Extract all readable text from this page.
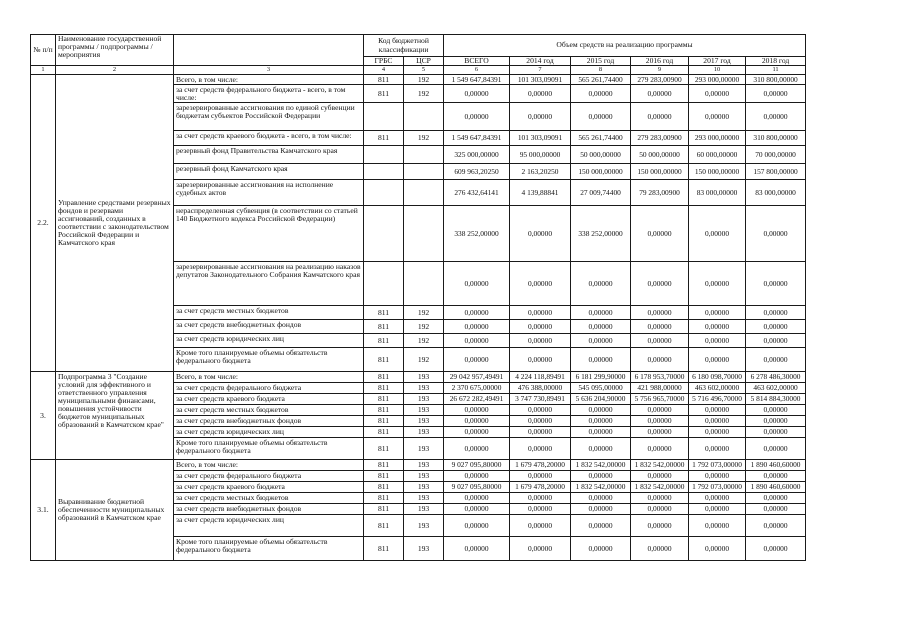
№ п/п	Наименование государственной программы / подпрограммы / мероприятия		Код бюджетной классификации		Объем средств на реализацию программы					
			ГРБС	ЦСР	ВСЕГО	2014 год	2015 год	2016 год	2017 год	2018 год
1	2	3	4	5	6	7	8	9	10	11
2.2.	Управление средствами резервных фондов и резервами ассигнований, созданных в соответствии с законодательством Российской Федерации и Камчатского края	Всего, в том числе:	811	192	1 549 647,84391	101 303,09091	565 261,74400	279 283,00900	293 000,00000	310 800,00000
		за счет средств федерального бюджета - всего, в том числе:	811	192	0,00000	0,00000	0,00000	0,00000	0,00000	0,00000
		зарезервированные ассигнования по единой субвенции бюджетам субъектов Российской Федерации			0,00000	0,00000	0,00000	0,00000	0,00000	0,00000
		за счет средств краевого бюджета - всего, в том числе:	811	192	1 549 647,84391	101 303,09091	565 261,74400	279 283,00900	293 000,00000	310 800,00000
		резервный фонд Правительства Камчатского края			325 000,00000	95 000,00000	50 000,00000	50 000,00000	60 000,00000	70 000,00000
		резервный фонд Камчатского края			609 963,20250	2 163,20250	150 000,00000	150 000,00000	150 000,00000	157 800,00000
		зарезервированные ассигнования на исполнение судебных актов			276 432,64141	4 139,88841	27 009,74400	79 283,00900	83 000,00000	83 000,00000
		нераспределенная субвенция (в соответствии со статьей 140 Бюджетного кодекса Российской Федерации)			338 252,00000	0,00000	338 252,00000	0,00000	0,00000	0,00000
		зарезервированные ассигнования на реализацию наказов депутатов Законодательного Собрания Камчатского края			0,00000	0,00000	0,00000	0,00000	0,00000	0,00000
		за счет средств местных бюджетов	811	192	0,00000	0,00000	0,00000	0,00000	0,00000	0,00000
		за счет средств внебюджетных фондов	811	192	0,00000	0,00000	0,00000	0,00000	0,00000	0,00000
		за счет средств юридических лиц	811	192	0,00000	0,00000	0,00000	0,00000	0,00000	0,00000
		Кроме того планируемые объемы обязательств федерального бюджета	811	192	0,00000	0,00000	0,00000	0,00000	0,00000	0,00000
3.	Подпрограмма 3 "Создание условий для эффективного и ответственного управления муниципальными финансами, повышения устойчивости бюджетов муниципальных образований в Камчатском крае"	Всего, в том числе:	811	193	29 042 957,49491	4 224 118,89491	6 181 299,90000	6 178 953,70000	6 180 098,70000	6 278 486,30000
		за счет средств федерального бюджета	811	193	2 370 675,00000	476 388,00000	545 095,00000	421 988,00000	463 602,00000	463 602,00000
		за счет средств краевого бюджета	811	193	26 672 282,49491	3 747 730,89491	5 636 204,90000	5 756 965,70000	5 716 496,70000	5 814 884,30000
		за счет средств местных бюджетов	811	193	0,00000	0,00000	0,00000	0,00000	0,00000	0,00000
		за счет средств внебюджетных фондов	811	193	0,00000	0,00000	0,00000	0,00000	0,00000	0,00000
		за счет средств юридических лиц	811	193	0,00000	0,00000	0,00000	0,00000	0,00000	0,00000
		Кроме того планируемые объемы обязательств федерального бюджета	811	193	0,00000	0,00000	0,00000	0,00000	0,00000	0,00000
3.1.	Выравнивание бюджетной обеспеченности муниципальных образований в Камчатском крае	Всего, в том числе:	811	193	9 027 095,80000	1 679 478,20000	1 832 542,00000	1 832 542,00000	1 792 073,00000	1 890 460,60000
		за счет средств федерального бюджета	811	193	0,00000	0,00000	0,00000	0,00000	0,00000	0,00000
		за счет средств краевого бюджета	811	193	9 027 095,80000	1 679 478,20000	1 832 542,00000	1 832 542,00000	1 792 073,00000	1 890 460,60000
		за счет средств местных бюджетов	811	193	0,00000	0,00000	0,00000	0,00000	0,00000	0,00000
		за счет средств внебюджетных фондов	811	193	0,00000	0,00000	0,00000	0,00000	0,00000	0,00000
		за счет средств юридических лиц	811	193	0,00000	0,00000	0,00000	0,00000	0,00000	0,00000
		Кроме того планируемые объемы обязательств федерального бюджета	811	193	0,00000	0,00000	0,00000	0,00000	0,00000	0,00000
